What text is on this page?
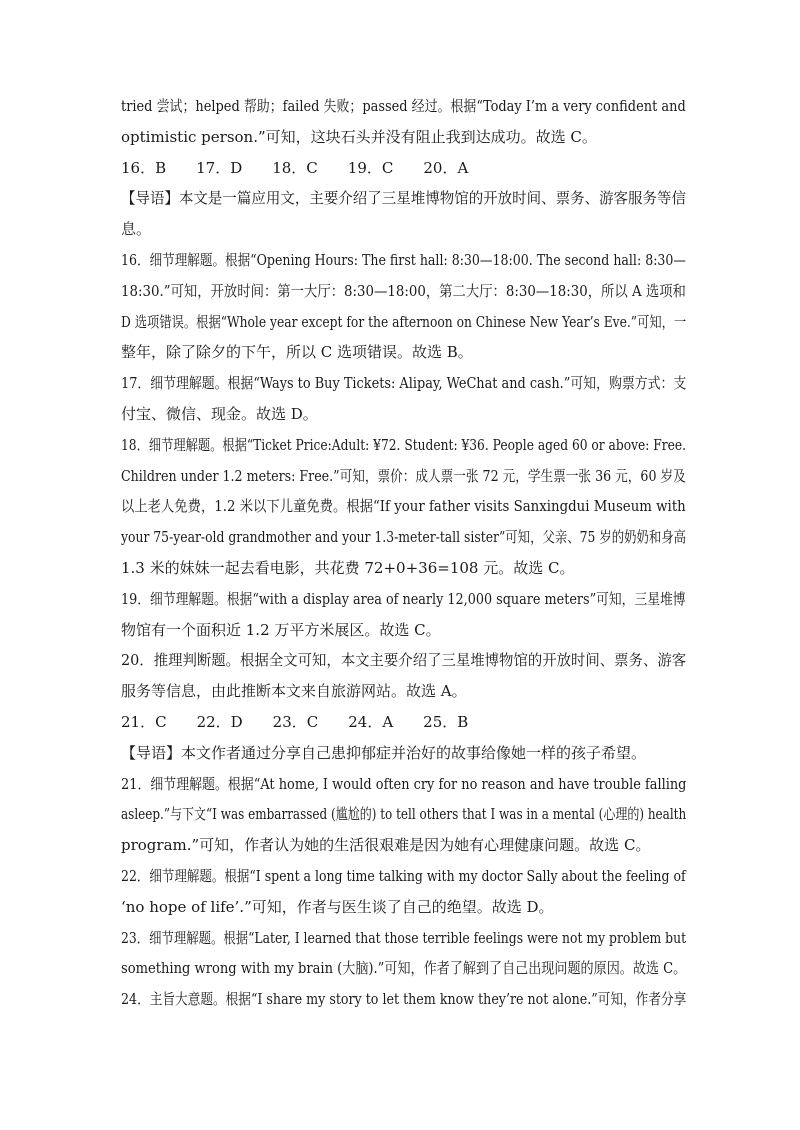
tried 尝试；helped 帮助；failed 失败；passed 经过。根据“Today I’m a very confident and
optimistic person.”可知，这块石头并没有阻止我到达成功。故选 C。
16．B　　17．D　　18．C　　19．C　　20．A
【导语】本文是一篇应用文，主要介绍了三星堆博物馆的开放时间、票务、游客服务等信
息。
16．细节理解题。根据“Opening Hours: The first hall: 8:30—18:00. The second hall: 8:30—
18:30.”可知，开放时间：第一大厅：8:30—18:00，第二大厅：8:30—18:30，所以 A 选项和
D 选项错误。根据“Whole year except for the afternoon on Chinese New Year’s Eve.”可知，一
整年，除了除夕的下午，所以 C 选项错误。故选 B。
17．细节理解题。根据“Ways to Buy Tickets: Alipay, WeChat and cash.”可知，购票方式：支
付宝、微信、现金。故选 D。
18．细节理解题。根据“Ticket Price:Adult: ¥72. Student: ¥36. People aged 60 or above: Free.
Children under 1.2 meters: Free.”可知，票价：成人票一张 72 元，学生票一张 36 元，60 岁及
以上老人免费，1.2 米以下儿童免费。根据“If your father visits Sanxingdui Museum with
your 75-year-old grandmother and your 1.3-meter-tall sister”可知，父亲、75 岁的奶奶和身高
1.3 米的妹妹一起去看电影，共花费 72+0+36=108 元。故选 C。
19．细节理解题。根据“with a display area of nearly 12,000 square meters”可知，三星堆博
物馆有一个面积近 1.2 万平方米展区。故选 C。
20．推理判断题。根据全文可知，本文主要介绍了三星堆博物馆的开放时间、票务、游客
服务等信息，由此推断本文来自旅游网站。故选 A。
21．C　　22．D　　23．C　　24．A　　25．B
【导语】本文作者通过分享自己患抑郁症并治好的故事给像她一样的孩子希望。
21．细节理解题。根据“At home, I would often cry for no reason and have trouble falling
asleep.”与下文“I was embarrassed (尴尬的) to tell others that I was in a mental (心理的) health
program.”可知，作者认为她的生活很艰难是因为她有心理健康问题。故选 C。
22．细节理解题。根据“I spent a long time talking with my doctor Sally about the feeling of
‘no hope of life’.”可知，作者与医生谈了自己的绝望。故选 D。
23．细节理解题。根据“Later, I learned that those terrible feelings were not my problem but
something wrong with my brain (大脑).”可知，作者了解到了自己出现问题的原因。故选 C。
24．主旨大意题。根据“I share my story to let them know they’re not alone.”可知，作者分享
